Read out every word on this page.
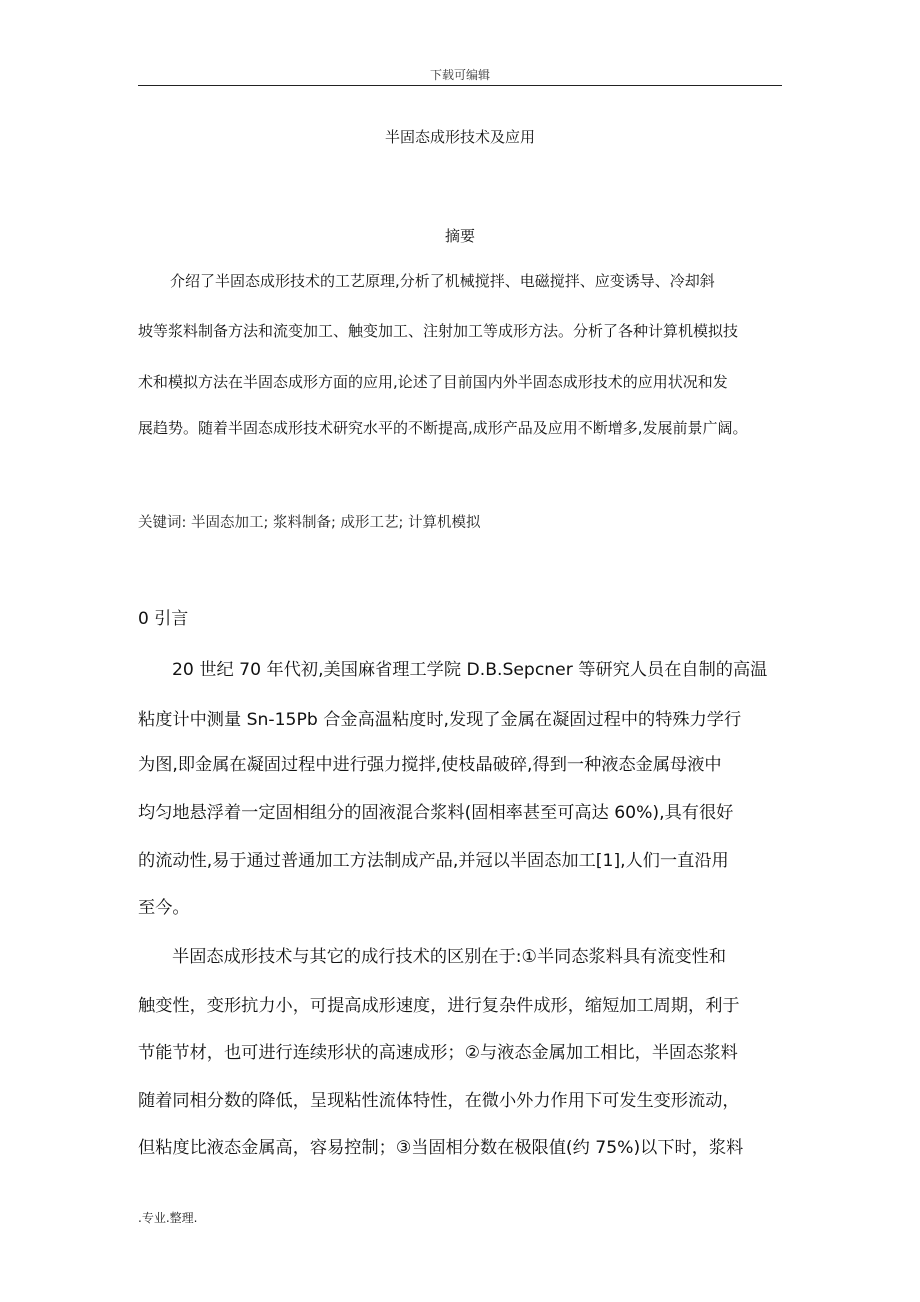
下载可编辑
半固态成形技术及应用
摘要
介绍了半固态成形技术的工艺原理,分析了机械搅拌、电磁搅拌、应变诱导、冷却斜
坡等浆料制备方法和流变加工、触变加工、注射加工等成形方法。分析了各种计算机模拟技
术和模拟方法在半固态成形方面的应用,论述了目前国内外半固态成形技术的应用状况和发
展趋势。随着半固态成形技术研究水平的不断提高,成形产品及应用不断增多,发展前景广阔。
关键词: 半固态加工; 浆料制备; 成形工艺; 计算机模拟
0 引言
20 世纪 70 年代初,美国麻省理工学院 D.B.Sepcner 等研究人员在自制的高温
粘度计中测量 Sn-15Pb 合金高温粘度时,发现了金属在凝固过程中的特殊力学行
为图,即金属在凝固过程中进行强力搅拌,使枝晶破碎,得到一种液态金属母液中
均匀地悬浮着一定固相组分的固液混合浆料(固相率甚至可高达 60%),具有很好
的流动性,易于通过普通加工方法制成产品,并冠以半固态加工[1],人们一直沿用
至今。
半固态成形技术与其它的成行技术的区别在于:①半同态浆料具有流变性和
触变性，变形抗力小，可提高成形速度，进行复杂件成形，缩短加工周期，利于
节能节材，也可进行连续形状的高速成形；②与液态金属加工相比，半固态浆料
随着同相分数的降低，呈现粘性流体特性，在微小外力作用下可发生变形流动，
但粘度比液态金属高，容易控制；③当固相分数在极限值(约 75%)以下时，浆料
.专业.整理.
